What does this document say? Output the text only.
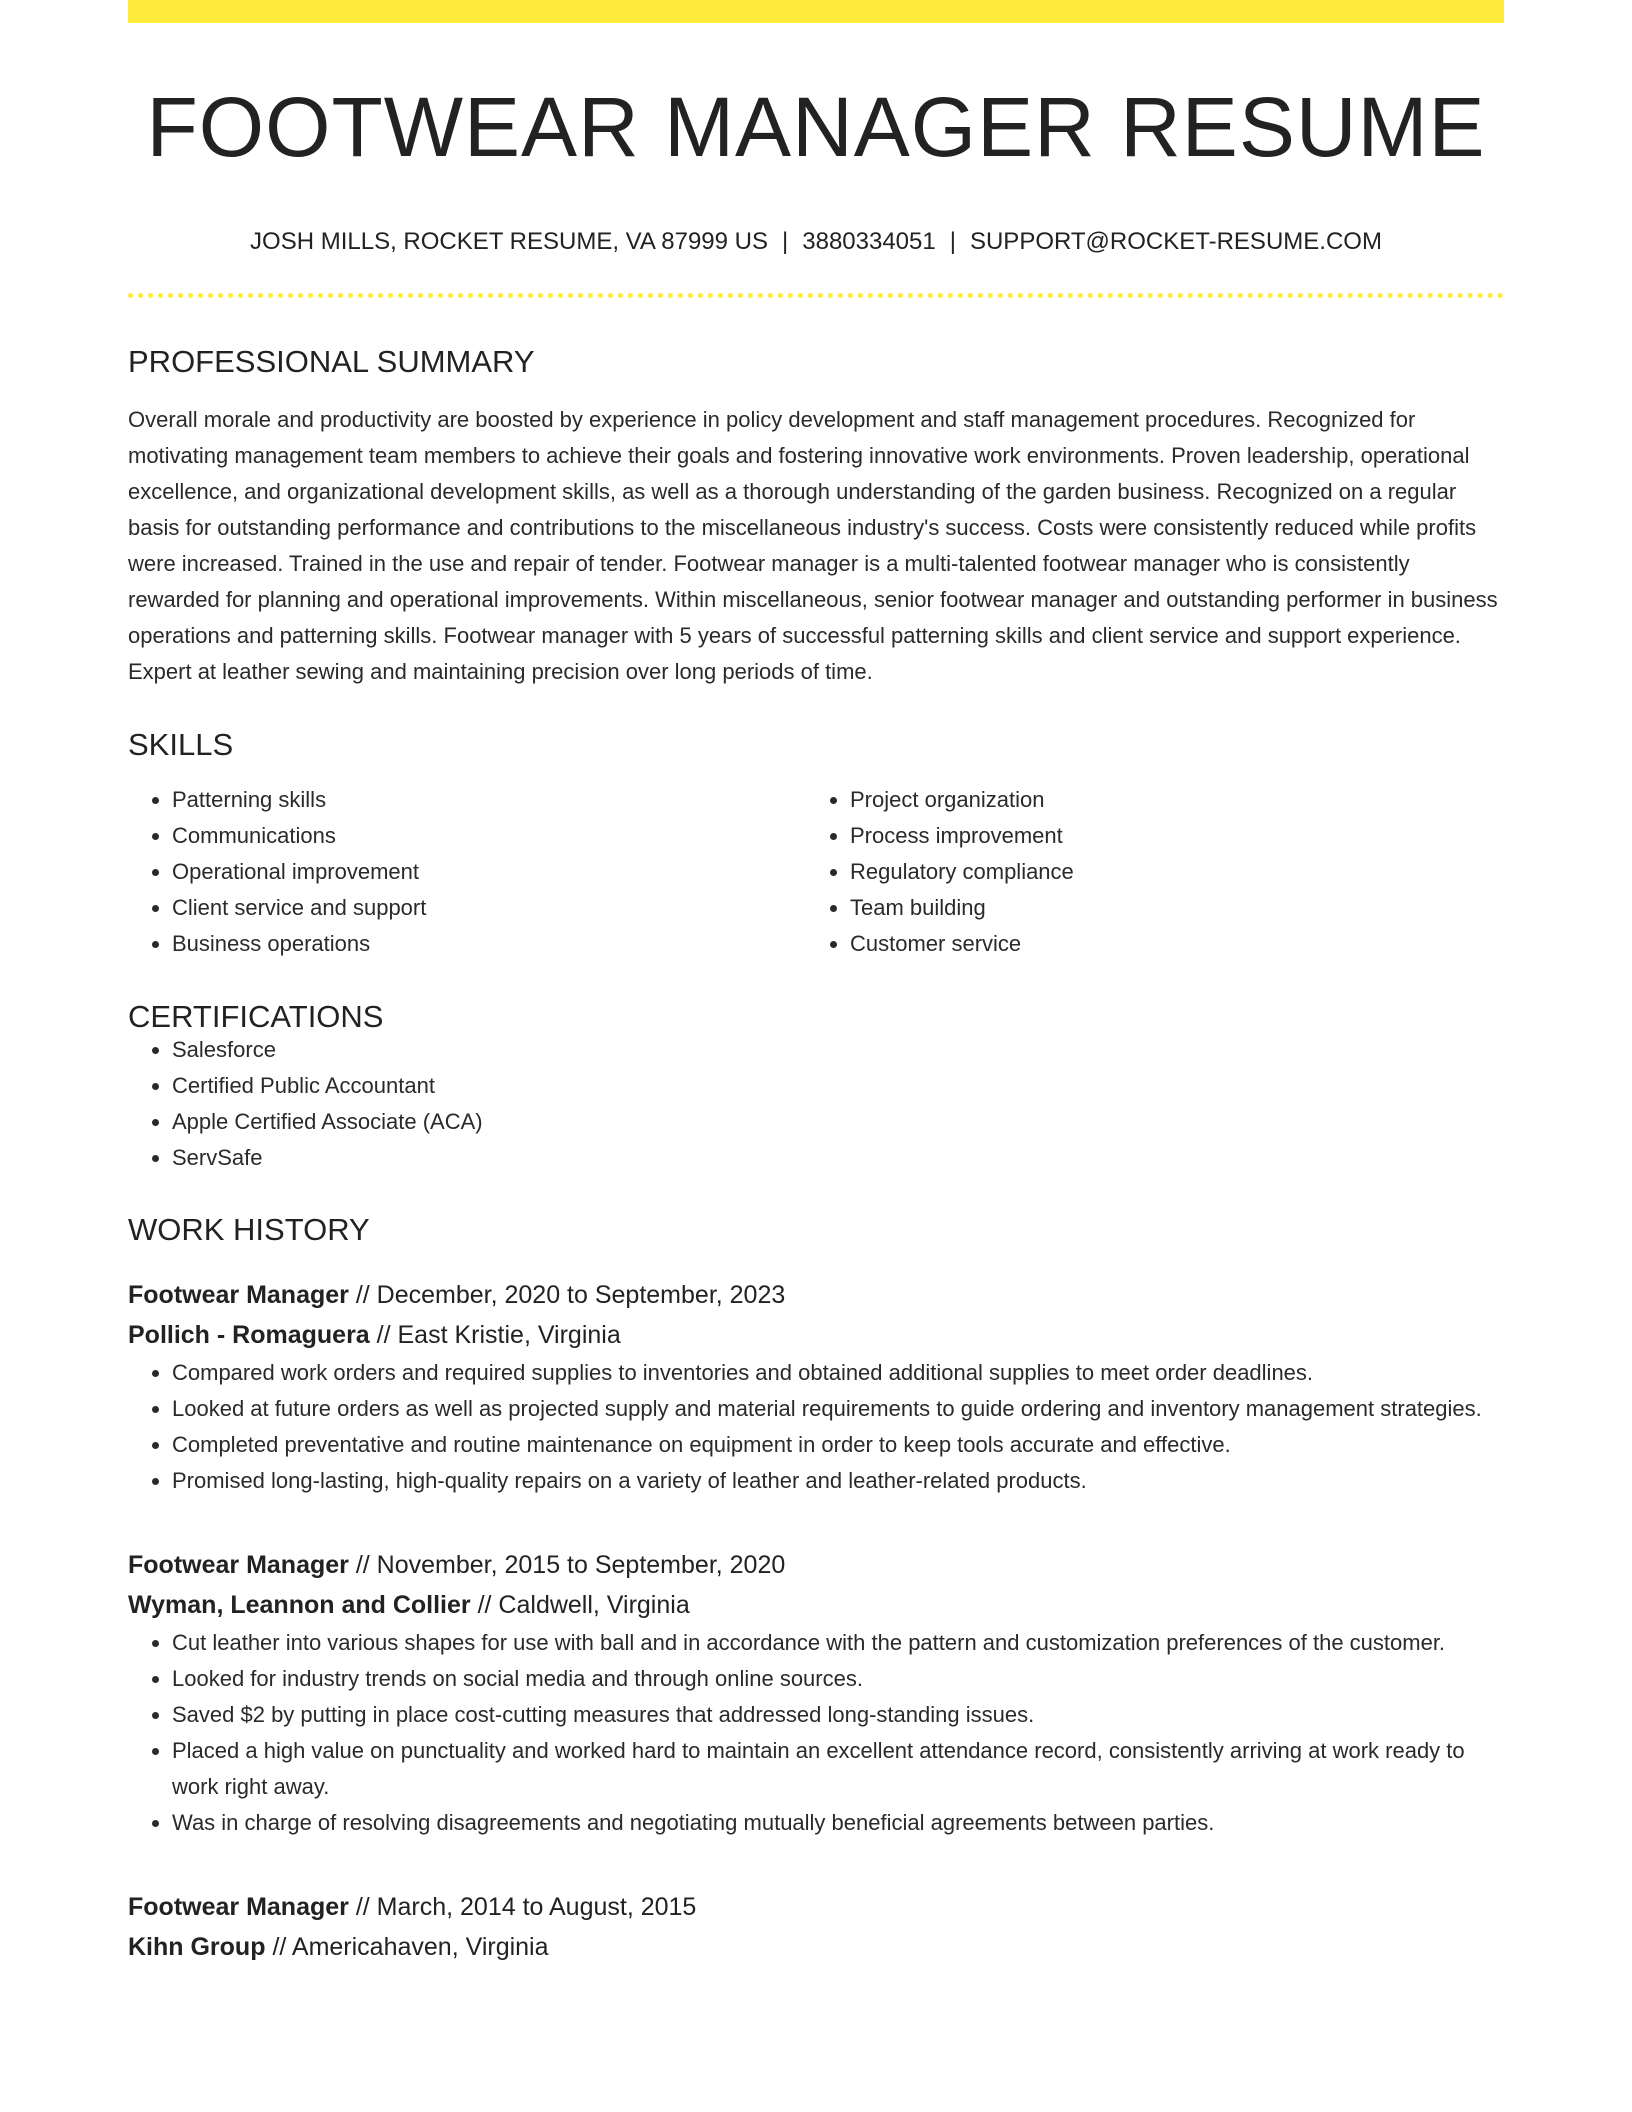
FOOTWEAR MANAGER RESUME
JOSH MILLS, ROCKET RESUME, VA 87999 US | 3880334051 | SUPPORT@ROCKET-RESUME.COM
PROFESSIONAL SUMMARY
Overall morale and productivity are boosted by experience in policy development and staff management procedures. Recognized for motivating management team members to achieve their goals and fostering innovative work environments. Proven leadership, operational excellence, and organizational development skills, as well as a thorough understanding of the garden business. Recognized on a regular basis for outstanding performance and contributions to the miscellaneous industry's success. Costs were consistently reduced while profits were increased. Trained in the use and repair of tender. Footwear manager is a multi-talented footwear manager who is consistently rewarded for planning and operational improvements. Within miscellaneous, senior footwear manager and outstanding performer in business operations and patterning skills. Footwear manager with 5 years of successful patterning skills and client service and support experience. Expert at leather sewing and maintaining precision over long periods of time.
SKILLS
• Patterning skills
• Communications
• Operational improvement
• Client service and support
• Business operations
• Project organization
• Process improvement
• Regulatory compliance
• Team building
• Customer service
CERTIFICATIONS
• Salesforce
• Certified Public Accountant
• Apple Certified Associate (ACA)
• ServSafe
WORK HISTORY
Footwear Manager // December, 2020 to September, 2023
Pollich - Romaguera // East Kristie, Virginia
• Compared work orders and required supplies to inventories and obtained additional supplies to meet order deadlines.
• Looked at future orders as well as projected supply and material requirements to guide ordering and inventory management strategies.
• Completed preventative and routine maintenance on equipment in order to keep tools accurate and effective.
• Promised long-lasting, high-quality repairs on a variety of leather and leather-related products.
Footwear Manager // November, 2015 to September, 2020
Wyman, Leannon and Collier // Caldwell, Virginia
• Cut leather into various shapes for use with ball and in accordance with the pattern and customization preferences of the customer.
• Looked for industry trends on social media and through online sources.
• Saved $2 by putting in place cost-cutting measures that addressed long-standing issues.
• Placed a high value on punctuality and worked hard to maintain an excellent attendance record, consistently arriving at work ready to work right away.
• Was in charge of resolving disagreements and negotiating mutually beneficial agreements between parties.
Footwear Manager // March, 2014 to August, 2015
Kihn Group // Americahaven, Virginia
